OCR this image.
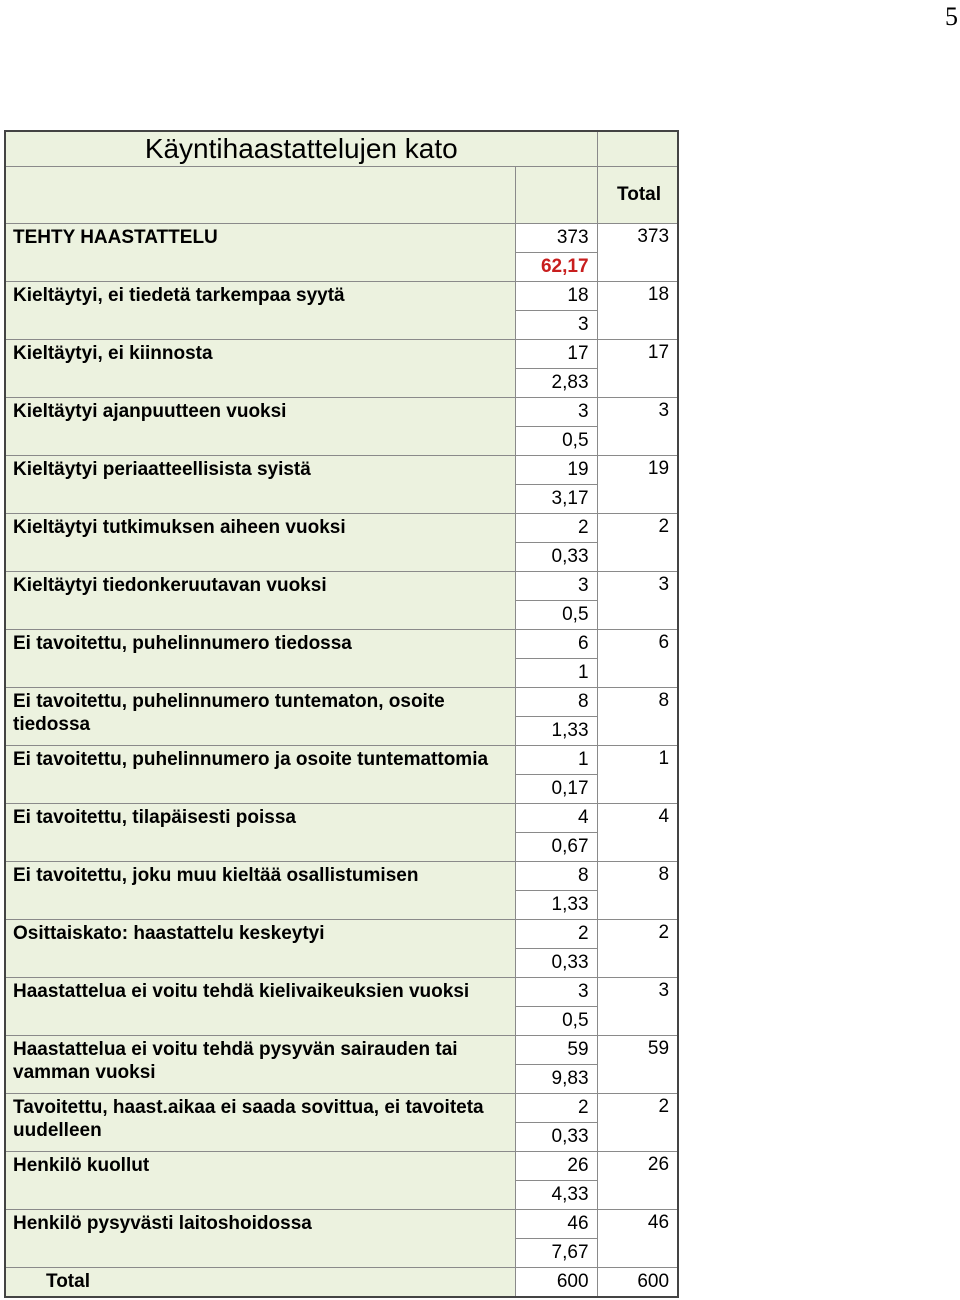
5
Käyntihaastattelujen kato		
		Total
TEHTY HAASTATTELU	373	373
	62,17	
Kieltäytyi, ei tiedetä tarkempaa syytä	18	18
	3	
Kieltäytyi, ei kiinnosta	17	17
	2,83	
Kieltäytyi ajanpuutteen vuoksi	3	3
	0,5	
Kieltäytyi periaatteellisista syistä	19	19
	3,17	
Kieltäytyi tutkimuksen aiheen vuoksi	2	2
	0,33	
Kieltäytyi tiedonkeruutavan vuoksi	3	3
	0,5	
Ei tavoitettu, puhelinnumero tiedossa	6	6
	1	
Ei tavoitettu, puhelinnumero tuntematon, osoite tiedossa	8	8
	1,33	
Ei tavoitettu, puhelinnumero ja osoite tuntemattomia	1	1
	0,17	
Ei tavoitettu, tilapäisesti poissa	4	4
	0,67	
Ei tavoitettu, joku muu kieltää osallistumisen	8	8
	1,33	
Osittaiskato: haastattelu keskeytyi	2	2
	0,33	
Haastattelua ei voitu tehdä kielivaikeuksien vuoksi	3	3
	0,5	
Haastattelua ei voitu tehdä pysyvän sairauden tai vamman vuoksi	59	59
	9,83	
Tavoitettu, haast.aikaa ei saada sovittua, ei tavoiteta uudelleen	2	2
	0,33	
Henkilö kuollut	26	26
	4,33	
Henkilö pysyvästi laitoshoidossa	46	46
	7,67	
Total	600	600
